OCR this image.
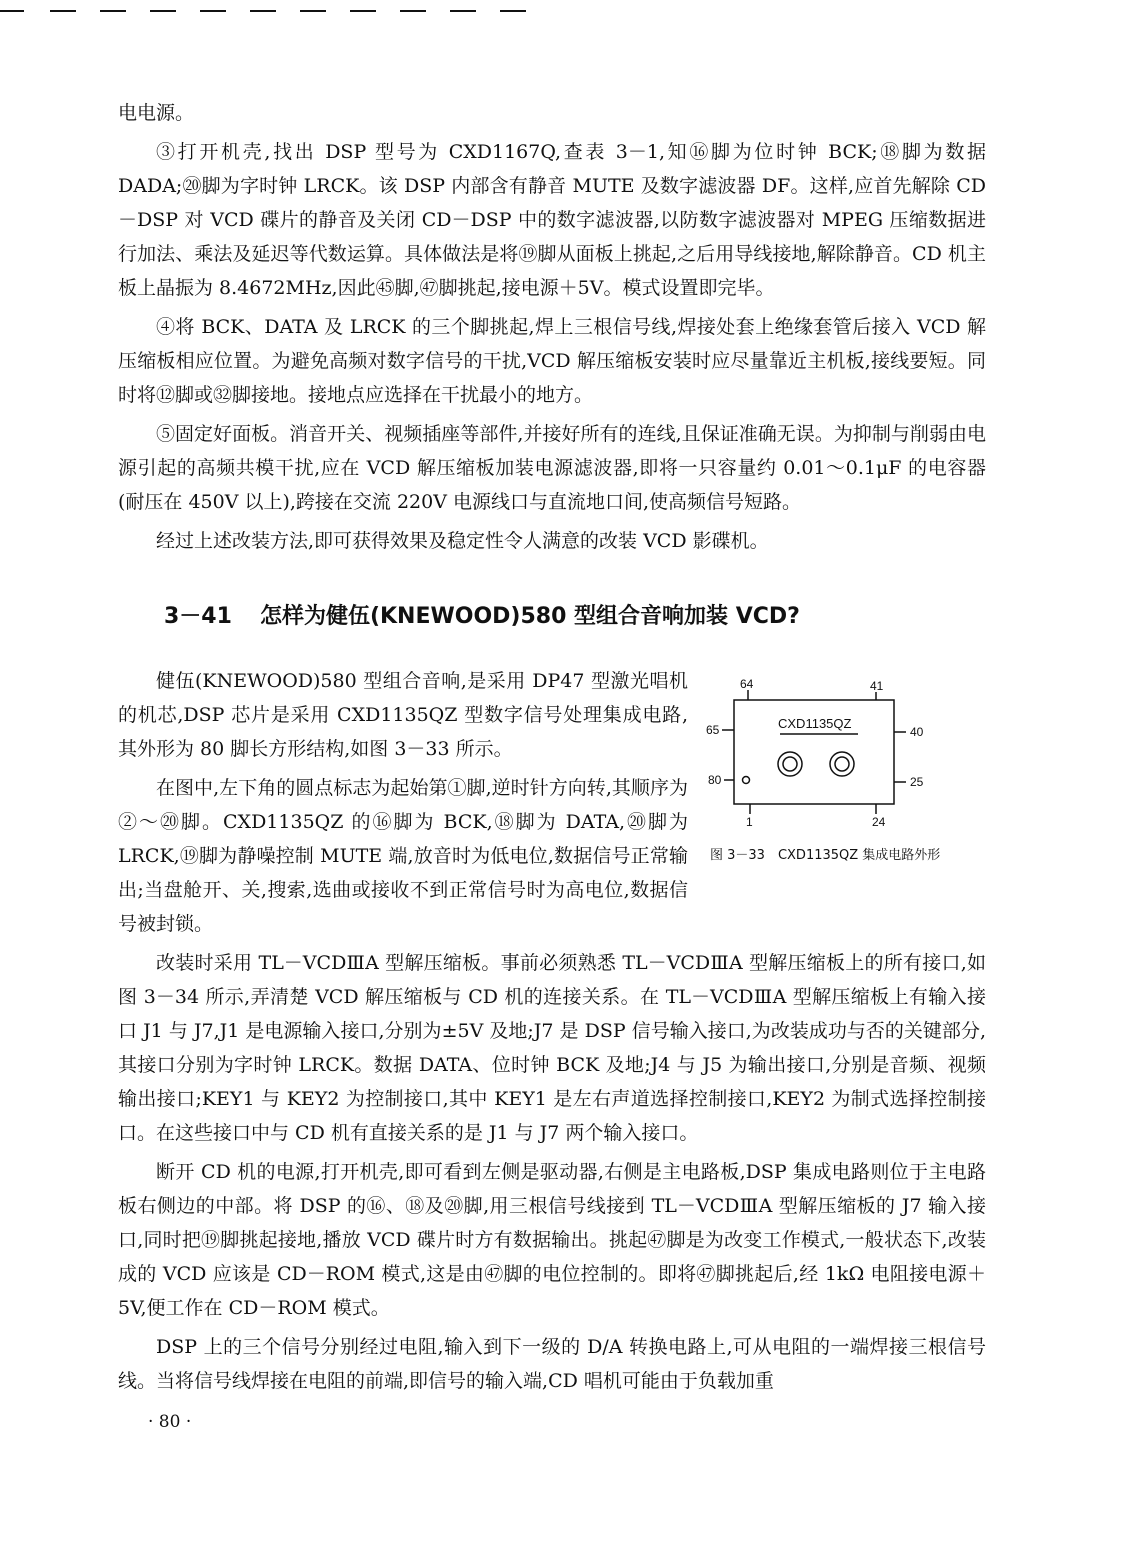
电电源。

③打开机壳,找出 DSP 型号为 CXD1167Q,查表 3－1,知⑯脚为位时钟 BCK;⑱脚为数据 DADA;⑳脚为字时钟 LRCK。该 DSP 内部含有静音 MUTE 及数字滤波器 DF。这样,应首先解除 CD－DSP 对 VCD 碟片的静音及关闭 CD－DSP 中的数字滤波器,以防数字滤波器对 MPEG 压缩数据进行加法、乘法及延迟等代数运算。具体做法是将⑲脚从面板上挑起,之后用导线接地,解除静音。CD 机主板上晶振为 8.4672MHz,因此㊺脚,㊼脚挑起,接电源＋5V。模式设置即完毕。

④将 BCK、DATA 及 LRCK 的三个脚挑起,焊上三根信号线,焊接处套上绝缘套管后接入 VCD 解压缩板相应位置。为避免高频对数字信号的干扰,VCD 解压缩板安装时应尽量靠近主机板,接线要短。同时将⑫脚或㉜脚接地。接地点应选择在干扰最小的地方。

⑤固定好面板。消音开关、视频插座等部件,并接好所有的连线,且保证准确无误。为抑制与削弱由电源引起的高频共模干扰,应在 VCD 解压缩板加装电源滤波器,即将一只容量约 0.01～0.1μF 的电容器(耐压在 450V 以上),跨接在交流 220V 电源线口与直流地口间,使高频信号短路。

经过上述改装方法,即可获得效果及稳定性令人满意的改装 VCD 影碟机。

3－41 怎样为健伍(KNEWOOD)580 型组合音响加装 VCD?

健伍(KNEWOOD)580 型组合音响,是采用 DP47 型激光唱机的机芯,DSP 芯片是采用 CXD1135QZ 型数字信号处理集成电路,其外形为 80 脚长方形结构,如图 3－33 所示。

在图中,左下角的圆点标志为起始第①脚,逆时针方向转,其顺序为②～⑳脚。CXD1135QZ 的⑯脚为 BCK,⑱脚为 DATA,⑳脚为 LRCK,⑲脚为静噪控制 MUTE 端,放音时为低电位,数据信号正常输出;当盘舱开、关,搜索,选曲或接收不到正常信号时为高电位,数据信号被封锁。

64	41
65	40
80	25
1	24
CXD1135QZ
图 3－33　CXD1135QZ 集成电路外形

改装时采用 TL－VCDⅢA 型解压缩板。事前必须熟悉 TL－VCDⅢA 型解压缩板上的所有接口,如图 3－34 所示,弄清楚 VCD 解压缩板与 CD 机的连接关系。在 TL－VCDⅢA 型解压缩板上有输入接口 J1 与 J7,J1 是电源输入接口,分别为±5V 及地;J7 是 DSP 信号输入接口,为改装成功与否的关键部分,其接口分别为字时钟 LRCK。数据 DATA、位时钟 BCK 及地;J4 与 J5 为输出接口,分别是音频、视频输出接口;KEY1 与 KEY2 为控制接口,其中 KEY1 是左右声道选择控制接口,KEY2 为制式选择控制接口。在这些接口中与 CD 机有直接关系的是 J1 与 J7 两个输入接口。

断开 CD 机的电源,打开机壳,即可看到左侧是驱动器,右侧是主电路板,DSP 集成电路则位于主电路板右侧边的中部。将 DSP 的⑯、⑱及⑳脚,用三根信号线接到 TL－VCDⅢA 型解压缩板的 J7 输入接口,同时把⑲脚挑起接地,播放 VCD 碟片时方有数据输出。挑起㊼脚是为改变工作模式,一般状态下,改装成的 VCD 应该是 CD－ROM 模式,这是由㊼脚的电位控制的。即将㊼脚挑起后,经 1kΩ 电阻接电源＋5V,便工作在 CD－ROM 模式。

DSP 上的三个信号分别经过电阻,输入到下一级的 D/A 转换电路上,可从电阻的一端焊接三根信号线。当将信号线焊接在电阻的前端,即信号的输入端,CD 唱机可能由于负载加重

· 80 ·
